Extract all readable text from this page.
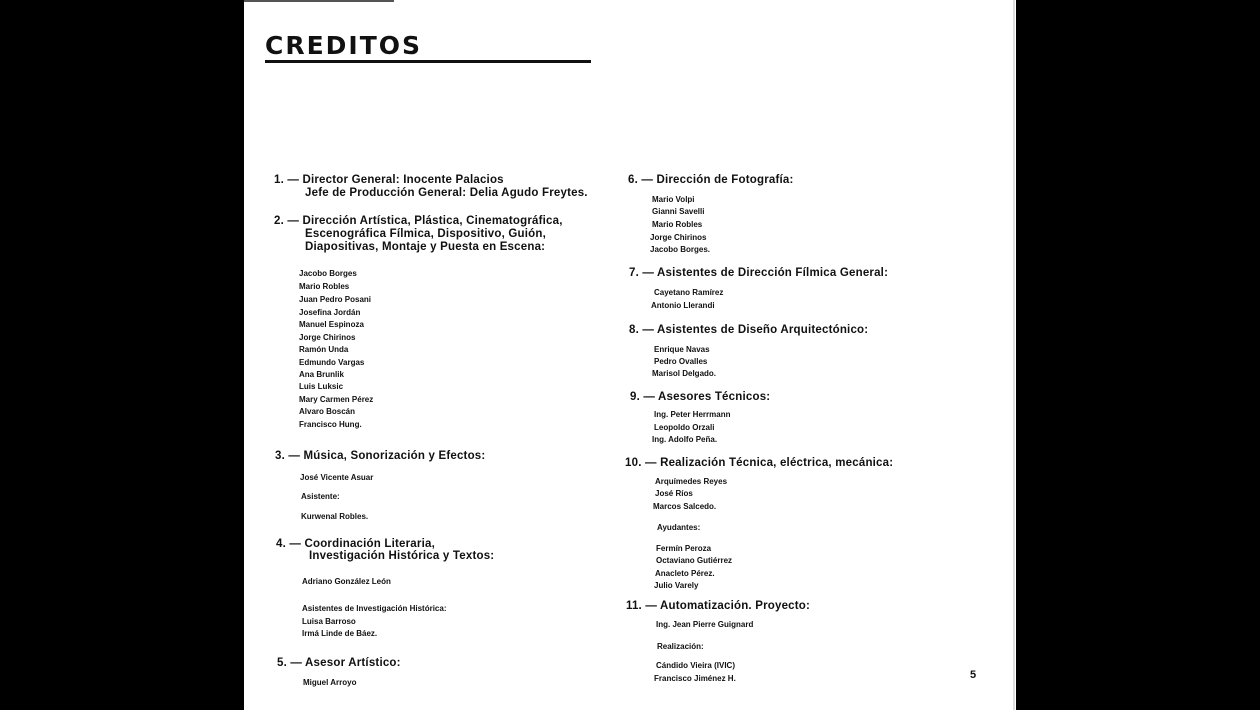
CREDITOS
1. — Director General: Inocente Palacios
Jefe de Producción General: Delia Agudo Freytes.
2. — Dirección Artística, Plástica, Cinematográfica,
Escenográfica Fílmica, Dispositivo, Guión,
Diapositivas, Montaje y Puesta en Escena:
Jacobo Borges
Mario Robles
Juan Pedro Posani
Josefina Jordán
Manuel Espinoza
Jorge Chirinos
Ramón Unda
Edmundo Vargas
Ana Brunlik
Luis Luksic
Mary Carmen Pérez
Alvaro Boscán
Francisco Hung.
3. — Música, Sonorización y Efectos:
José Vicente Asuar
Asistente:
Kurwenal Robles.
4. — Coordinación Literaria,
Investigación Histórica y Textos:
Adriano González León
Asistentes de Investigación Histórica:
Luisa Barroso
Irmá Linde de Báez.
5. — Asesor Artístico:
Miguel Arroyo
6. — Dirección de Fotografía:
Mario Volpi
Gianni Savelli
Mario Robles
Jorge Chirinos
Jacobo Borges.
7. — Asistentes de Dirección Fílmica General:
Cayetano Ramírez
Antonio Llerandi
8. — Asistentes de Diseño Arquitectónico:
Enrique Navas
Pedro Ovalles
Marisol Delgado.
9. — Asesores Técnicos:
Ing. Peter Herrmann
Leopoldo Orzali
Ing. Adolfo Peña.
10. — Realización Técnica, eléctrica, mecánica:
Arquímedes Reyes
José Ríos
Marcos Salcedo.
Ayudantes:
Fermín Peroza
Octaviano Gutiérrez
Anacleto Pérez.
Julio Varely
11. — Automatización. Proyecto:
Ing. Jean Pierre Guignard
Realización:
Cándido Vieira (IVIC)
Francisco Jiménez H.	5
